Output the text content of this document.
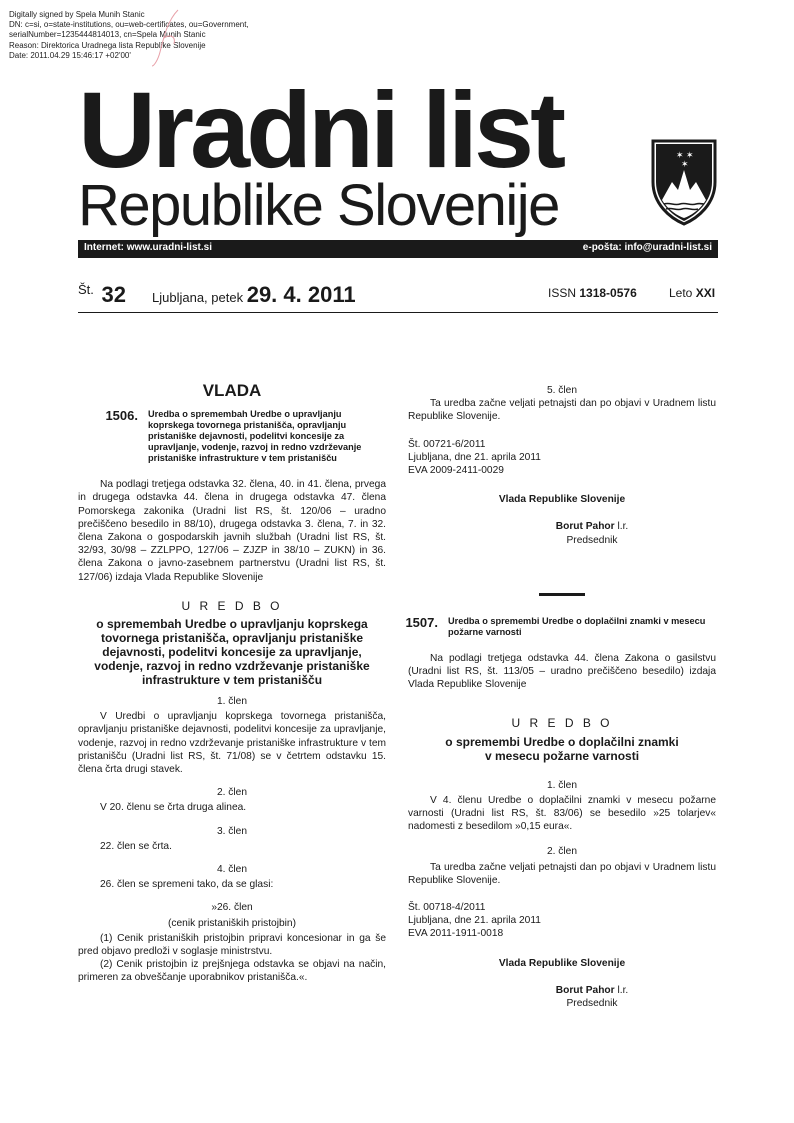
Digitally signed by Spela Munih Stanic
DN: c=si, o=state-institutions, ou=web-certificates, ou=Government,
serialNumber=1235444814013, cn=Spela Munih Stanic
Reason: Direktorica Uradnega lista Republike Slovenije
Date: 2011.04.29 15:46:17 +02'00'
Uradni list
Republike Slovenije
✶ ✶
✶
Internet: www.uradni-list.si	e-pošta: info@uradni-list.si
Št. 32 Ljubljana, petek 29. 4. 2011	ISSN 1318-0576	Leto XXI

VLADA

1506.	Uredba o spremembah Uredbe o upravljanju koprskega tovornega pristanišča, opravljanju pristaniške dejavnosti, podelitvi koncesije za upravljanje, vodenje, razvoj in redno vzdrževanje pristaniške infrastrukture v tem pristanišču

Na podlagi tretjega odstavka 32. člena, 40. in 41. člena, prvega in drugega odstavka 44. člena in drugega odstavka 47. člena Pomorskega zakonika (Uradni list RS, št. 120/06 – uradno prečiščeno besedilo in 88/10), drugega odstavka 3. člena, 7. in 32. člena Zakona o gospodarskih javnih službah (Uradni list RS, št. 32/93, 30/98 – ZZLPPO, 127/06 – ZJZP in 38/10 – ZUKN) in 36. člena Zakona o javno-zasebnem partnerstvu (Uradni list RS, št. 127/06) izdaja Vlada Republike Slovenije

U R E D B O

o spremembah Uredbe o upravljanju koprskega tovornega pristanišča, opravljanju pristaniške dejavnosti, podelitvi koncesije za upravljanje, vodenje, razvoj in redno vzdrževanje pristaniške infrastrukture v tem pristanišču

1. člen

V Uredbi o upravljanju koprskega tovornega pristanišča, opravljanju pristaniške dejavnosti, podelitvi koncesije za upravljanje, vodenje, razvoj in redno vzdrževanje pristaniške infrastrukture v tem pristanišču (Uradni list RS, št. 71/08) se v četrtem odstavku 15. člena črta drugi stavek.

2. člen

V 20. členu se črta druga alinea.

3. člen

22. člen se črta.

4. člen

26. člen se spremeni tako, da se glasi:

»26. člen

(cenik pristaniških pristojbin)

(1) Cenik pristaniških pristojbin pripravi koncesionar in ga še pred objavo predloži v soglasje ministrstvu.

(2) Cenik pristojbin iz prejšnjega odstavka se objavi na način, primeren za obveščanje uporabnikov pristanišča.«.

5. člen

Ta uredba začne veljati petnajsti dan po objavi v Uradnem listu Republike Slovenije.

Št. 00721-6/2011

Ljubljana, dne 21. aprila 2011

EVA 2009-2411-0029

Vlada Republike Slovenije

Borut Pahor l.r.

Predsednik

1507.	Uredba o spremembi Uredbe o doplačilni znamki v mesecu požarne varnosti

Na podlagi tretjega odstavka 44. člena Zakona o gasilstvu (Uradni list RS, št. 113/05 – uradno prečiščeno besedilo) izdaja Vlada Republike Slovenije

U R E D B O

o spremembi Uredbe o doplačilni znamki
v mesecu požarne varnosti

1. člen

V 4. členu Uredbe o doplačilni znamki v mesecu požarne varnosti (Uradni list RS, št. 83/06) se besedilo »25 tolarjev« nadomesti z besedilom »0,15 eura«.

2. člen

Ta uredba začne veljati petnajsti dan po objavi v Uradnem listu Republike Slovenije.

Št. 00718-4/2011

Ljubljana, dne 21. aprila 2011

EVA 2011-1911-0018

Vlada Republike Slovenije

Borut Pahor l.r.

Predsednik
